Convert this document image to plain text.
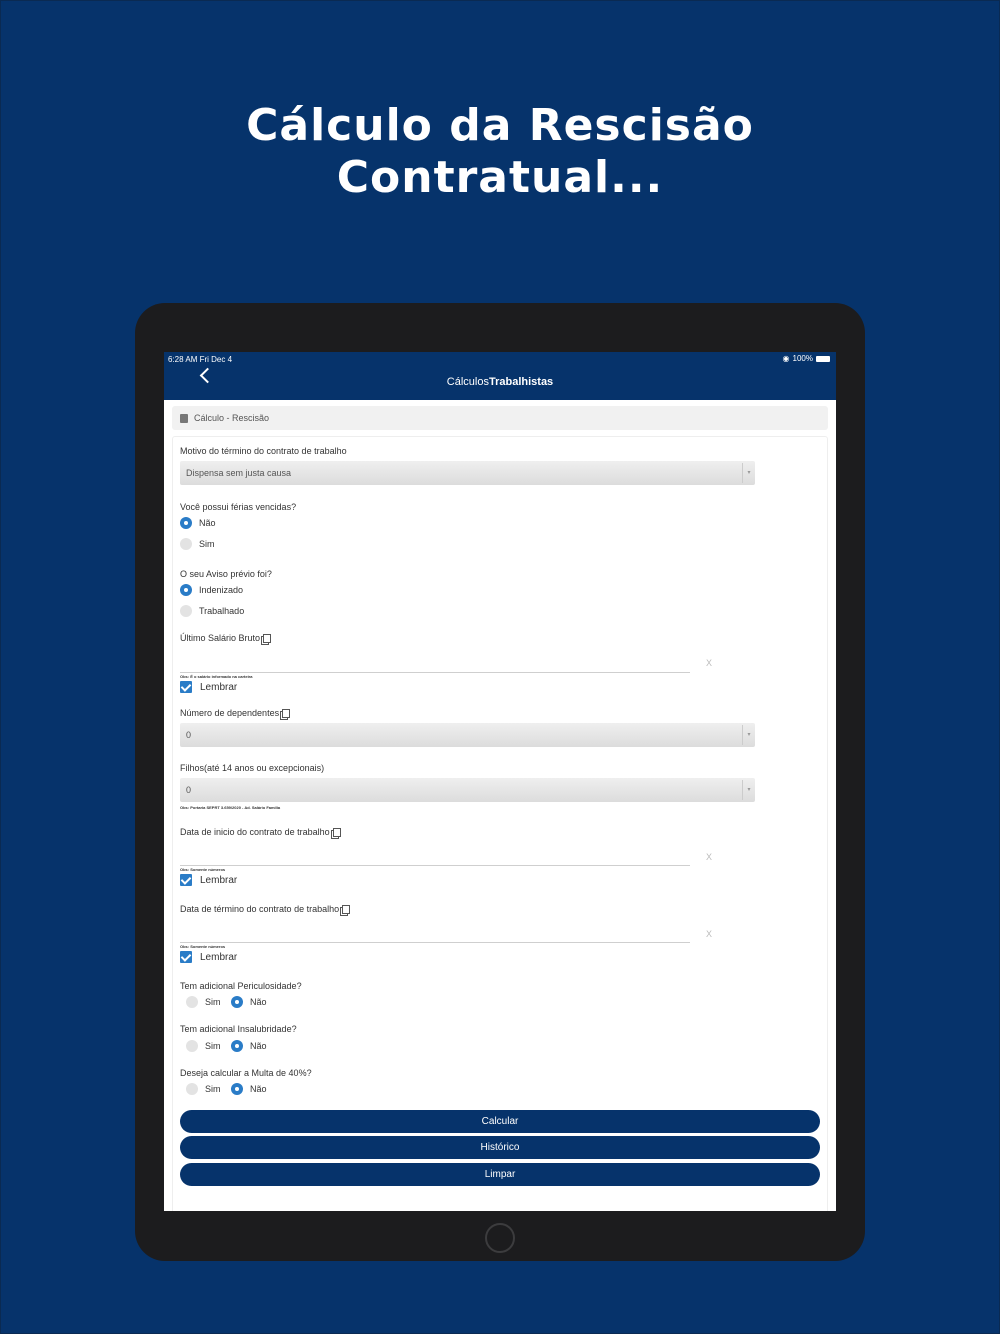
Cálculo da Rescisão
Contratual...
6:28 AM Fri Dec 4	◉ 100%
CálculosTrabalhistas
Cálculo - Rescisão
Motivo do término do contrato de trabalho
Dispensa sem justa causa	▾
Você possui férias vencidas?
Não
Sim
O seu Aviso prévio foi?
Indenizado
Trabalhado
Último Salário Bruto
X
Obs: É o salário informado na carteira
Lembrar
Número de dependentes
0	▾
Filhos(até 14 anos ou excepcionais)
0	▾
Obs: Portaria SEPRT 3.659/2020 - Ad. Salário Família
Data de inicio do contrato de trabalho
X
Obs: Somente números
Lembrar
Data de término do contrato de trabalho
X
Obs: Somente números
Lembrar
Tem adicional Periculosidade?
Sim	Não
Tem adicional Insalubridade?
Sim	Não
Deseja calcular a Multa de 40%?
Sim	Não
Calcular
Histórico
Limpar
